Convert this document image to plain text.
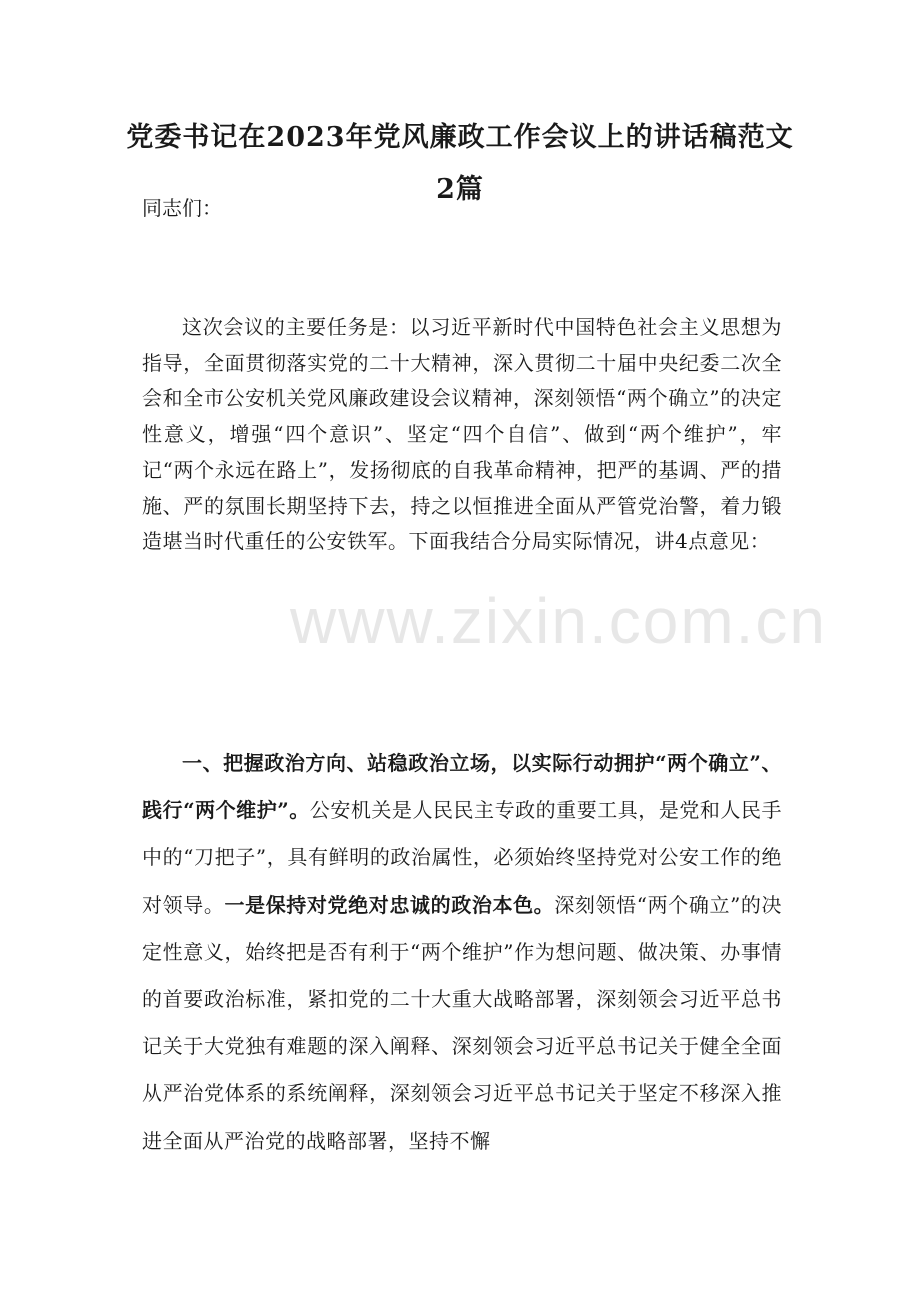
党委书记在2023年党风廉政工作会议上的讲话稿范文2篇

同志们：

这次会议的主要任务是：以习近平新时代中国特色社会主义思想为指导，全面贯彻落实党的二十大精神，深入贯彻二十届中央纪委二次全会和全市公安机关党风廉政建设会议精神，深刻领悟“两个确立”的决定性意义，增强“四个意识”、坚定“四个自信”、做到“两个维护”，牢记“两个永远在路上”，发扬彻底的自我革命精神，把严的基调、严的措施、严的氛围长期坚持下去，持之以恒推进全面从严管党治警，着力锻造堪当时代重任的公安铁军。下面我结合分局实际情况，讲4点意见：

一、把握政治方向、站稳政治立场，以实际行动拥护“两个确立”、践行“两个维护”。公安机关是人民民主专政的重要工具，是党和人民手中的“刀把子”，具有鲜明的政治属性，必须始终坚持党对公安工作的绝对领导。一是保持对党绝对忠诚的政治本色。深刻领悟“两个确立”的决定性意义，始终把是否有利于“两个维护”作为想问题、做决策、办事情的首要政治标准，紧扣党的二十大重大战略部署，深刻领会习近平总书记关于大党独有难题的深入阐释、深刻领会习近平总书记关于健全全面从严治党体系的系统阐释，深刻领会习近平总书记关于坚定不移深入推进全面从严治党的战略部署，坚持不懈

www.zixin.com.cn
